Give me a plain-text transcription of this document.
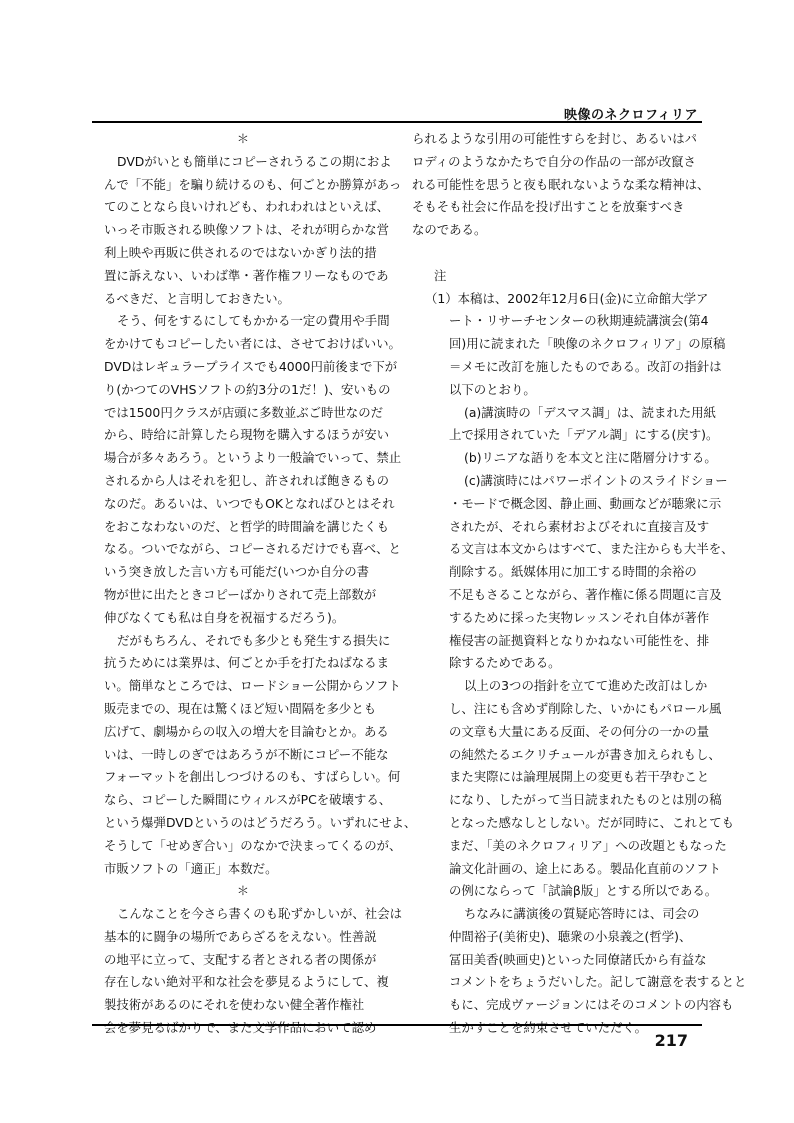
映像のネクロフィリア
＊
DVDがいとも簡単にコピーされうるこの期におよ
んで「不能」を騙り続けるのも、何ごとか勝算があっ
てのことなら良いけれども、われわれはといえば、
いっそ市販される映像ソフトは、それが明らかな営
利上映や再販に供されるのではないかぎり法的措
置に訴えない、いわば準・著作権フリーなものであ
るべきだ、と言明しておきたい。
そう、何をするにしてもかかる一定の費用や手間
をかけてもコピーしたい者には、させておけばいい。
DVDはレギュラープライスでも4000円前後まで下が
り(かつてのVHSソフトの約3分の1だ！)、安いもの
では1500円クラスが店頭に多数並ぶご時世なのだ
から、時给に計算したら現物を購入するほうが安い
場合が多々あろう。というより一般論でいって、禁止
されるから人はそれを犯し、許されれば飽きるもの
なのだ。あるいは、いつでもOKとなればひとはそれ
をおこなわないのだ、と哲学的時間論を講じたくも
なる。ついでながら、コピーされるだけでも喜べ、と
いう突き放した言い方も可能だ(いつか自分の書
物が世に出たときコピーばかりされて売上部数が
伸びなくても私は自身を祝福するだろう)。
だがもちろん、それでも多少とも発生する損失に
抗うためには業界は、何ごとか手を打たねばなるま
い。簡単なところでは、ロードショー公開からソフト
販売までの、現在は驚くほど短い間隔を多少とも
広げて、劇場からの収入の増大を目論むとか。ある
いは、一時しのぎではあろうが不断にコピー不能な
フォーマットを創出しつづけるのも、すばらしい。何
なら、コピーした瞬間にウィルスがPCを破壊する、
という爆弾DVDというのはどうだろう。いずれにせよ、
そうして「せめぎ合い」のなかで決まってくるのが、
市販ソフトの「適正」本数だ。
＊
こんなことを今さら書くのも恥ずかしいが、社会は
基本的に闘争の場所であらざるをえない。性善説
の地平に立って、支配する者とされる者の関係が
存在しない絶対平和な社会を夢見るようにして、複
製技術があるのにそれを使わない健全著作権社
会を夢見るばかりで、また文学作品において認め
られるような引用の可能性すらを封じ、あるいはパ
ロディのようなかたちで自分の作品の一部が改竄さ
れる可能性を思うと夜も眠れないような柔な精神は、
そもそも社会に作品を投げ出すことを放棄すべき
なのである。
注
（1）本稿は、2002年12月6日(金)に立命館大学ア
ート・リサーチセンターの秋期連続講演会(第4
回)用に読まれた「映像のネクロフィリア」の原稿
＝メモに改訂を施したものである。改訂の指針は
以下のとおり。
(a)講演時の「デスマス調」は、読まれた用紙
上で採用されていた「デアル調」にする(戻す)。
(b)リニアな語りを本文と注に階層分けする。
(c)講演時にはパワーポイントのスライドショー
・モードで概念図、静止画、動画などが聴衆に示
されたが、それら素材およびそれに直接言及す
る文言は本文からはすべて、また注からも大半を、
削除する。紙媒体用に加工する時間的余裕の
不足もさることながら、著作権に係る問題に言及
するために採った実物レッスンそれ自体が著作
権侵害の証拠資料となりかねない可能性を、排
除するためである。
以上の3つの指針を立てて進めた改訂はしか
し、注にも含めず削除した、いかにもパロール風
の文章も大量にある反面、その何分の一かの量
の純然たるエクリチュールが書き加えられもし、
また実際には論理展開上の変更も若干孕むこと
になり、したがって当日読まれたものとは別の稿
となった感なしとしない。だが同時に、これとても
まだ、「美のネクロフィリア」への改題ともなった
論文化計画の、途上にある。製品化直前のソフト
の例にならって「試論β版」とする所以である。
ちなみに講演後の質疑応答時には、司会の
仲間裕子(美術史)、聴衆の小泉義之(哲学)、
冨田美香(映画史)といった同僚諸氏から有益な
コメントをちょうだいした。記して謝意を表するとと
もに、完成ヴァージョンにはそのコメントの内容も
生かすことを約束させていただく。
217
